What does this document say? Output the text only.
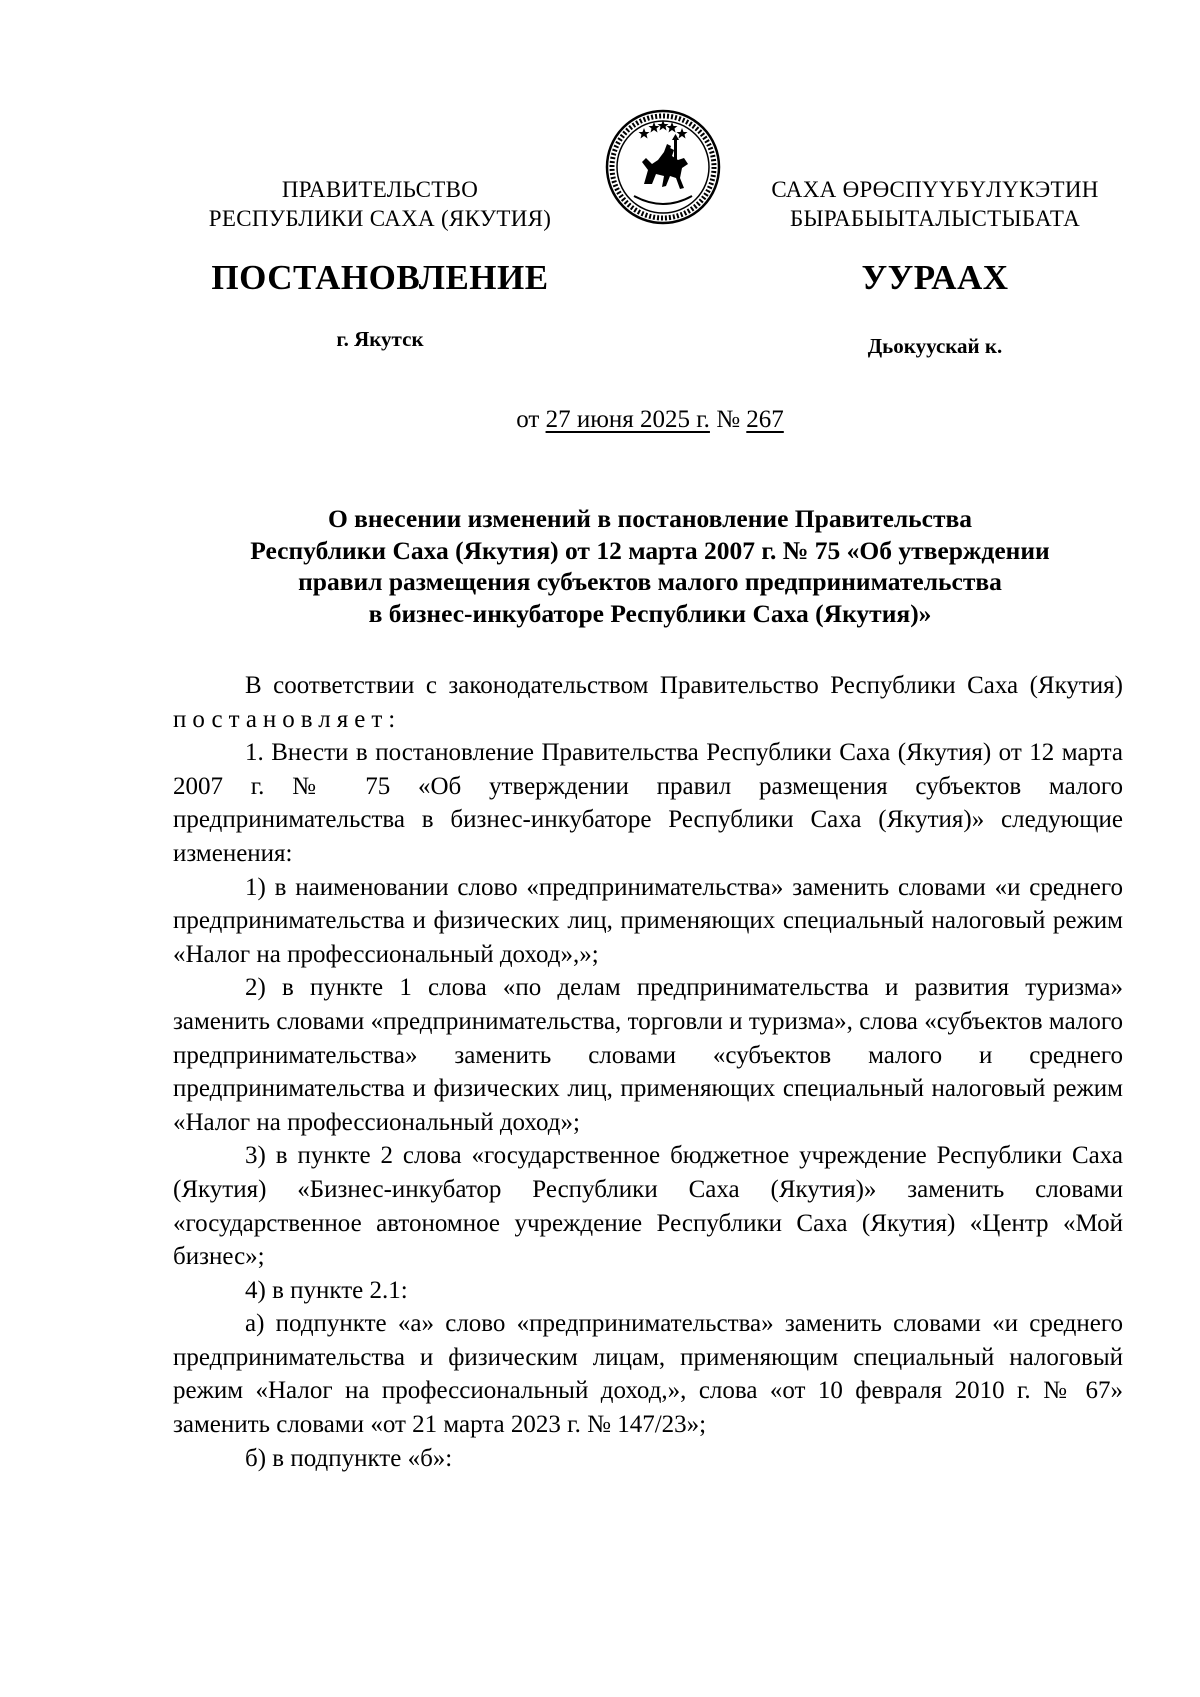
ПРАВИТЕЛЬСТВО
РЕСПУБЛИКИ САХА (ЯКУТИЯ)
САХА ӨРӨСПҮҮБҮЛҮКЭТИН
БЫРАБЫЫТАЛЫСТЫБАТА
ПОСТАНОВЛЕНИЕ	УУРААХ
г. Якутск	Дьокуускай к.
от 27 июня 2025 г. № 267
О внесении изменений в постановление Правительства
Республики Саха (Якутия) от 12 марта 2007 г. № 75 «Об утверждении
правил размещения субъектов малого предпринимательства
в бизнес-инкубаторе Республики Саха (Якутия)»

В соответствии с законодательством Правительство Республики Саха (Якутия) постановляет:

1. Внести в постановление Правительства Республики Саха (Якутия) от 12 марта 2007 г. № 75 «Об утверждении правил размещения субъектов малого предпринимательства в бизнес-инкубаторе Республики Саха (Якутия)» следующие изменения:

1) в наименовании слово «предпринимательства» заменить словами «и среднего предпринимательства и физических лиц, применяющих специальный налоговый режим «Налог на профессиональный доход»,»;

2) в пункте 1 слова «по делам предпринимательства и развития туризма» заменить словами «предпринимательства, торговли и туризма», слова «субъектов малого предпринимательства» заменить словами «субъектов малого и среднего предпринимательства и физических лиц, применяющих специальный налоговый режим «Налог на профессиональный доход»;

3) в пункте 2 слова «государственное бюджетное учреждение Республики Саха (Якутия) «Бизнес-инкубатор Республики Саха (Якутия)» заменить словами «государственное автономное учреждение Республики Саха (Якутия) «Центр «Мой бизнес»;

4) в пункте 2.1:

а) подпункте «а» слово «предпринимательства» заменить словами «и среднего предпринимательства и физическим лицам, применяющим специальный налоговый режим «Налог на профессиональный доход,», слова «от 10 февраля 2010 г. № 67» заменить словами «от 21 марта 2023 г. № 147/23»;

б) в подпункте «б»:
